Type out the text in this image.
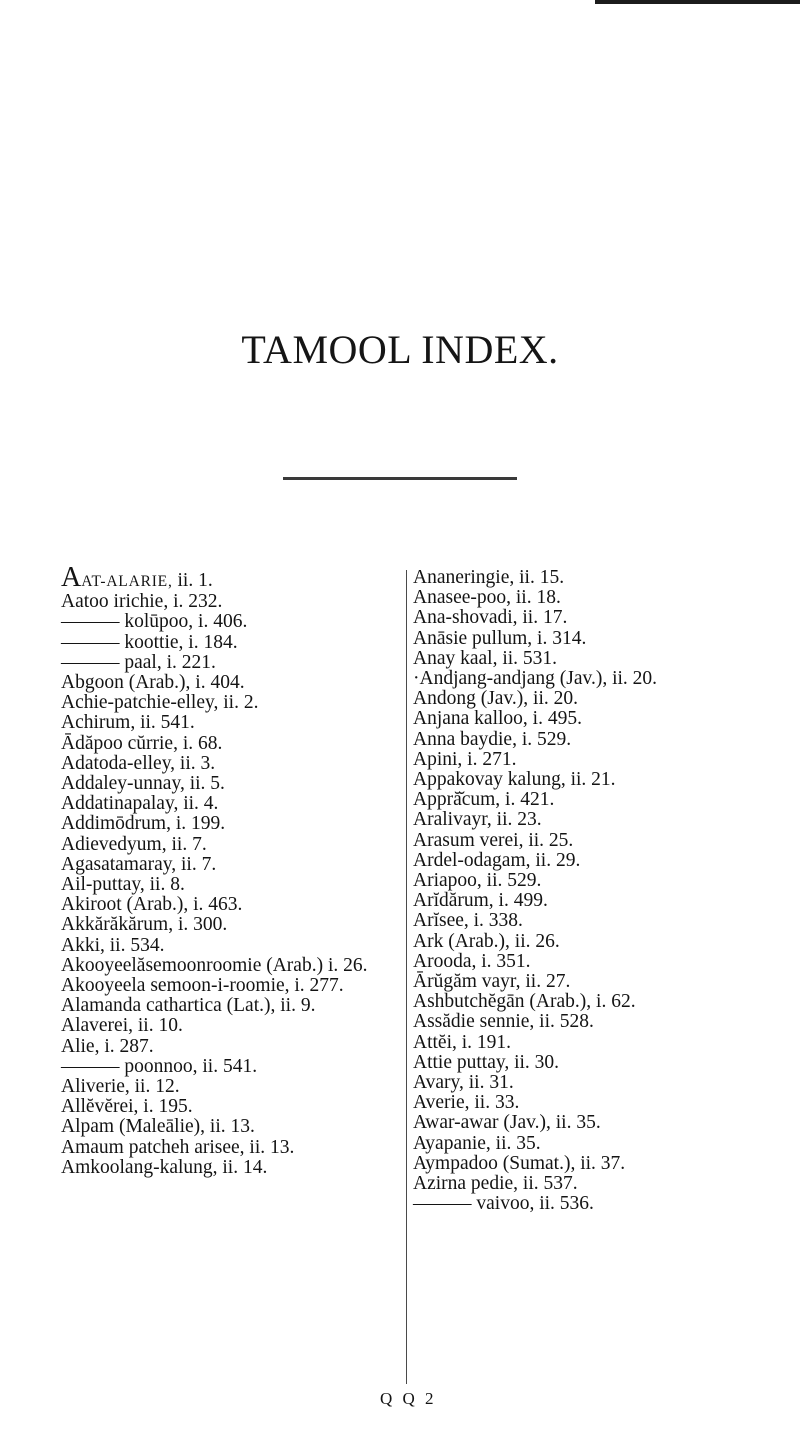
TAMOOL INDEX.

AAT-ALARIE, ii. 1.

Aatoo irichie, i. 232.

——— kolūpoo, i. 406.

——— koottie, i. 184.

——— paal, i. 221.

Abgoon (Arab.), i. 404.

Achie-patchie-elley, ii. 2.

Achirum, ii. 541.

Ādăpoo cŭrrie, i. 68.

Adatoda-elley, ii. 3.

Addaley-unnay, ii. 5.

Addatinapalay, ii. 4.

Addimōdrum, i. 199.

Adievedyum, ii. 7.

Agasatamaray, ii. 7.

Ail-puttay, ii. 8.

Akiroot (Arab.), i. 463.

Akkărăkărum, i. 300.

Akki, ii. 534.

Akooyeelăsemoonroomie (Arab.) i. 26.

Akooyeela semoon-i-roomie, i. 277.

Alamanda cathartica (Lat.), ii. 9.

Alaverei, ii. 10.

Alie, i. 287.

——— poonnoo, ii. 541.

Aliverie, ii. 12.

Allĕvĕrei, i. 195.

Alpam (Maleālie), ii. 13.

Amaum patcheh arisee, ii. 13.

Amkoolang-kalung, ii. 14.

Ananeringie, ii. 15.

Anasee-poo, ii. 18.

Ana-shovadi, ii. 17.

Anāsie pullum, i. 314.

Anay kaal, ii. 531.

·Andjang-andjang (Jav.), ii. 20.

Andong (Jav.), ii. 20.

Anjana kalloo, i. 495.

Anna baydie, i. 529.

Apini, i. 271.

Appakovay kalung, ii. 21.

Appră̆cum, i. 421.

Aralivayr, ii. 23.

Arasum verei, ii. 25.

Ardel-odagam, ii. 29.

Ariapoo, ii. 529.

Arĭdărum, i. 499.

Arĭsee, i. 338.

Ark (Arab.), ii. 26.

Arooda, i. 351.

Ārŭgăm vayr, ii. 27.

Ashbutchĕgān (Arab.), i. 62.

Assădie sennie, ii. 528.

Attĕi, i. 191.

Attie puttay, ii. 30.

Avary, ii. 31.

Averie, ii. 33.

Awar-awar (Jav.), ii. 35.

Ayapanie, ii. 35.

Aympadoo (Sumat.), ii. 37.

Azirna pedie, ii. 537.

——— vaivoo, ii. 536.

Q Q 2
